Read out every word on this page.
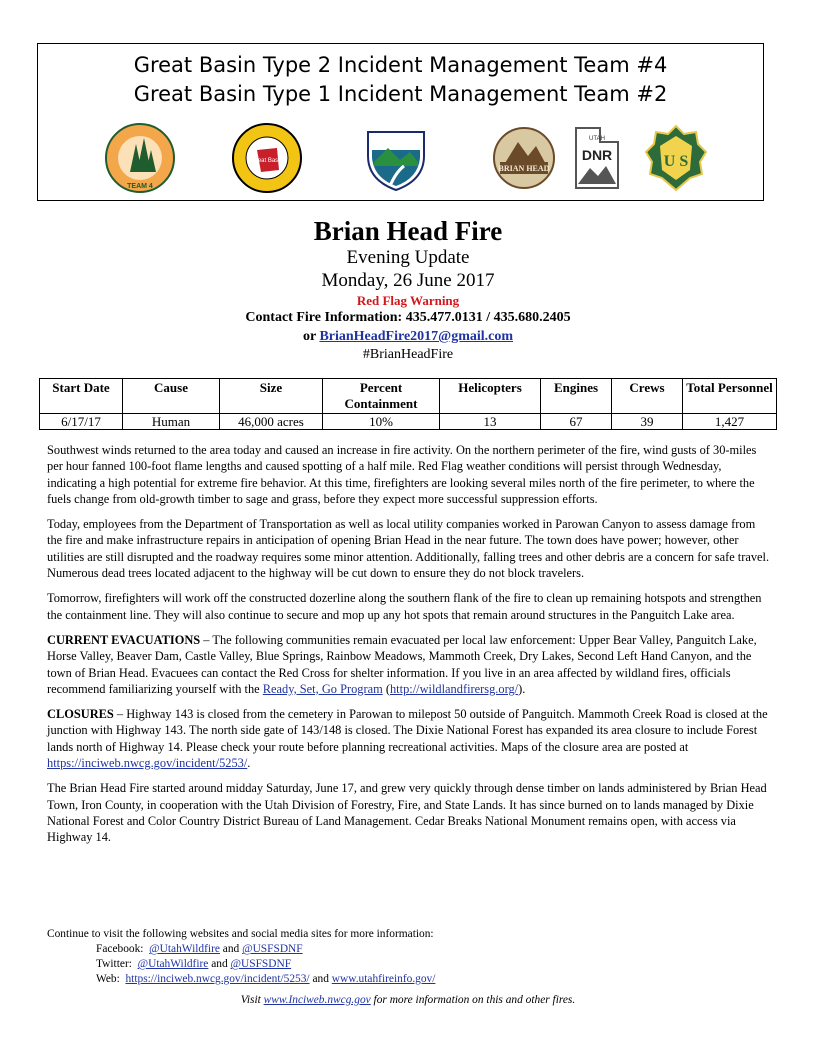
Great Basin Type 2 Incident Management Team #4
Great Basin Type 1 Incident Management Team #2
TEAM 4
Great Basin
BRIAN HEAD
UTAH
DNR	U S
Brian Head Fire
Evening Update
Monday, 26 June 2017
Red Flag Warning
Contact Fire Information: 435.477.0131 / 435.680.2405
or BrianHeadFire2017@gmail.com
#BrianHeadFire
Start Date	Cause	Size	Percent Containment	Helicopters	Engines	Crews	Total Personnel
6/17/17	Human	46,000 acres	10%	13	67	39	1,427

Southwest winds returned to the area today and caused an increase in fire activity. On the northern perimeter of the fire, wind gusts of 30-miles per hour fanned 100-foot flame lengths and caused spotting of a half mile. Red Flag weather conditions will persist through Wednesday, indicating a high potential for extreme fire behavior. At this time, firefighters are looking several miles north of the fire perimeter, to where the fuels change from old-growth timber to sage and grass, before they expect more successful suppression efforts.

Today, employees from the Department of Transportation as well as local utility companies worked in Parowan Canyon to assess damage from the fire and make infrastructure repairs in anticipation of opening Brian Head in the near future. The town does have power; however, other utilities are still disrupted and the roadway requires some minor attention. Additionally, falling trees and other debris are a concern for safe travel. Numerous dead trees located adjacent to the highway will be cut down to ensure they do not block travelers.

Tomorrow, firefighters will work off the constructed dozerline along the southern flank of the fire to clean up remaining hotspots and strengthen the containment line. They will also continue to secure and mop up any hot spots that remain around structures in the Panguitch Lake area.

CURRENT EVACUATIONS – The following communities remain evacuated per local law enforcement: Upper Bear Valley, Panguitch Lake, Horse Valley, Beaver Dam, Castle Valley, Blue Springs, Rainbow Meadows, Mammoth Creek, Dry Lakes, Second Left Hand Canyon, and the town of Brian Head. Evacuees can contact the Red Cross for shelter information. If you live in an area affected by wildland fires, officials recommend familiarizing yourself with the Ready, Set, Go Program (http://wildlandfirersg.org/).

CLOSURES – Highway 143 is closed from the cemetery in Parowan to milepost 50 outside of Panguitch. Mammoth Creek Road is closed at the junction with Highway 143. The north side gate of 143/148 is closed. The Dixie National Forest has expanded its area closure to include Forest lands north of Highway 14. Please check your route before planning recreational activities. Maps of the closure area are posted at https://inciweb.nwcg.gov/incident/5253/.

The Brian Head Fire started around midday Saturday, June 17, and grew very quickly through dense timber on lands administered by Brian Head Town, Iron County, in cooperation with the Utah Division of Forestry, Fire, and State Lands. It has since burned on to lands managed by Dixie National Forest and Color Country District Bureau of Land Management. Cedar Breaks National Monument remains open, with access via Highway 14.

Continue to visit the following websites and social media sites for more information:
Facebook: @UtahWildfire and @USFSDNF
Twitter: @UtahWildfire and @USFSDNF
Web: https://inciweb.nwcg.gov/incident/5253/ and www.utahfireinfo.gov/
Visit www.Inciweb.nwcg.gov for more information on this and other fires.
